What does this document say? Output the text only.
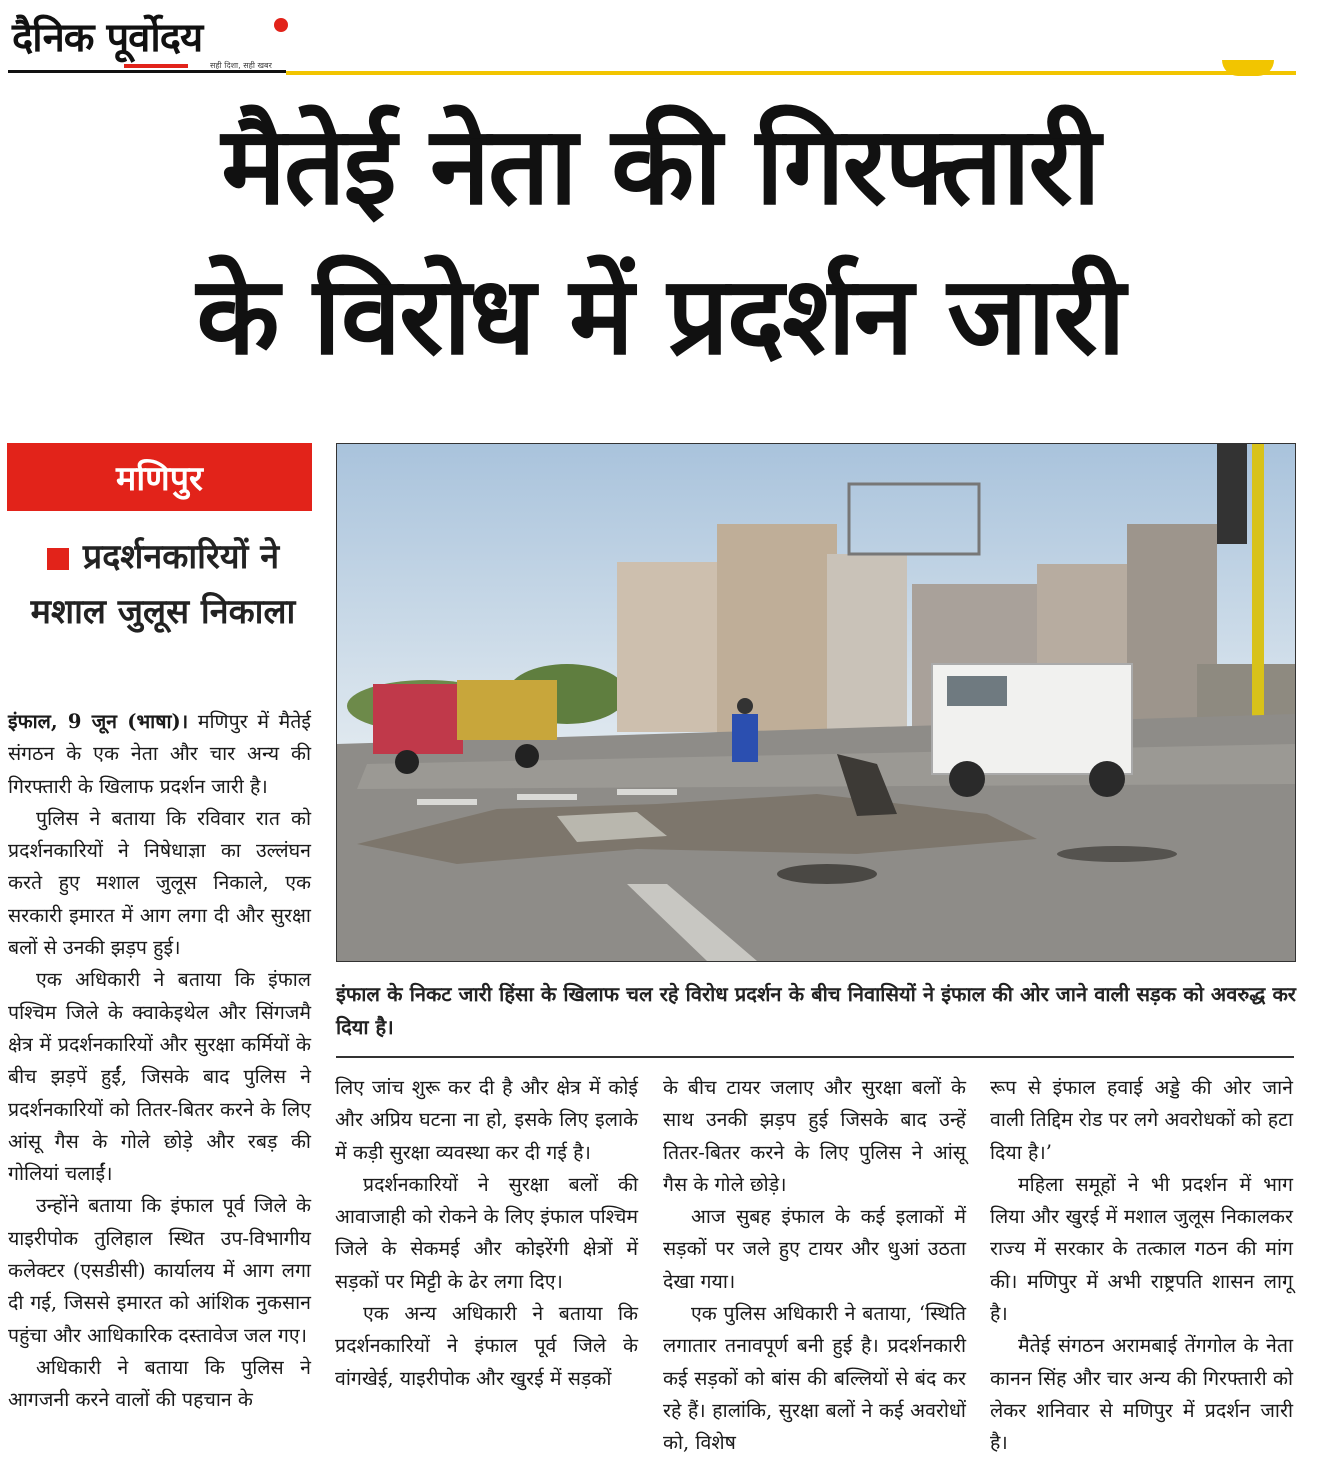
दैनिक पूर्वोदय
सही दिशा, सही खबर
मैतेई नेता की गिरफ्तारी
के विरोध में प्रदर्शन जारी
मणिपुर
प्रदर्शनकारियों ने मशाल जुलूस निकाला

इंफाल, 9 जून (भाषा)। मणिपुर में मैतेई संगठन के एक नेता और चार अन्य की गिरफ्तारी के खिलाफ प्रदर्शन जारी है।

पुलिस ने बताया कि रविवार रात को प्रदर्शनकारियों ने निषेधाज्ञा का उल्लंघन करते हुए मशाल जुलूस निकाले, एक सरकारी इमारत में आग लगा दी और सुरक्षा बलों से उनकी झड़प हुई।

एक अधिकारी ने बताया कि इंफाल पश्चिम जिले के क्वाकेइथेल और सिंगजमै क्षेत्र में प्रदर्शनकारियों और सुरक्षा कर्मियों के बीच झड़पें हुईं, जिसके बाद पुलिस ने प्रदर्शनकारियों को तितर-बितर करने के लिए आंसू गैस के गोले छोड़े और रबड़ की गोलियां चलाईं।

उन्होंने बताया कि इंफाल पूर्व जिले के याइरीपोक तुलिहाल स्थित उप-विभागीय कलेक्टर (एसडीसी) कार्यालय में आग लगा दी गई, जिससे इमारत को आंशिक नुकसान पहुंचा और आधिकारिक दस्तावेज जल गए।

अधिकारी ने बताया कि पुलिस ने आगजनी करने वालों की पहचान के

इंफाल के निकट जारी हिंसा के खिलाफ चल रहे विरोध प्रदर्शन के बीच निवासियों ने इंफाल की ओर जाने वाली सड़क को अवरुद्ध कर दिया है।

लिए जांच शुरू कर दी है और क्षेत्र में कोई और अप्रिय घटना ना हो, इसके लिए इलाके में कड़ी सुरक्षा व्यवस्था कर दी गई है।

प्रदर्शनकारियों ने सुरक्षा बलों की आवाजाही को रोकने के लिए इंफाल पश्चिम जिले के सेकमई और कोइरेंगी क्षेत्रों में सड़कों पर मिट्टी के ढेर लगा दिए।

एक अन्य अधिकारी ने बताया कि प्रदर्शनकारियों ने इंफाल पूर्व जिले के वांगखेई, याइरीपोक और खुरई में सड़कों

के बीच टायर जलाए और सुरक्षा बलों के साथ उनकी झड़प हुई जिसके बाद उन्हें तितर-बितर करने के लिए पुलिस ने आंसू गैस के गोले छोड़े।

आज सुबह इंफाल के कई इलाकों में सड़कों पर जले हुए टायर और धुआं उठता देखा गया।

एक पुलिस अधिकारी ने बताया, ‘स्थिति लगातार तनावपूर्ण बनी हुई है। प्रदर्शनकारी कई सड़कों को बांस की बल्लियों से बंद कर रहे हैं। हालांकि, सुरक्षा बलों ने कई अवरोधों को, विशेष

रूप से इंफाल हवाई अड्डे की ओर जाने वाली तिद्दिम रोड पर लगे अवरोधकों को हटा दिया है।’

महिला समूहों ने भी प्रदर्शन में भाग लिया और खुरई में मशाल जुलूस निकालकर राज्य में सरकार के तत्काल गठन की मांग की। मणिपुर में अभी राष्ट्रपति शासन लागू है।

मैतेई संगठन अरामबाई तेंगगोल के नेता कानन सिंह और चार अन्य की गिरफ्तारी को लेकर शनिवार से मणिपुर में प्रदर्शन जारी है।
